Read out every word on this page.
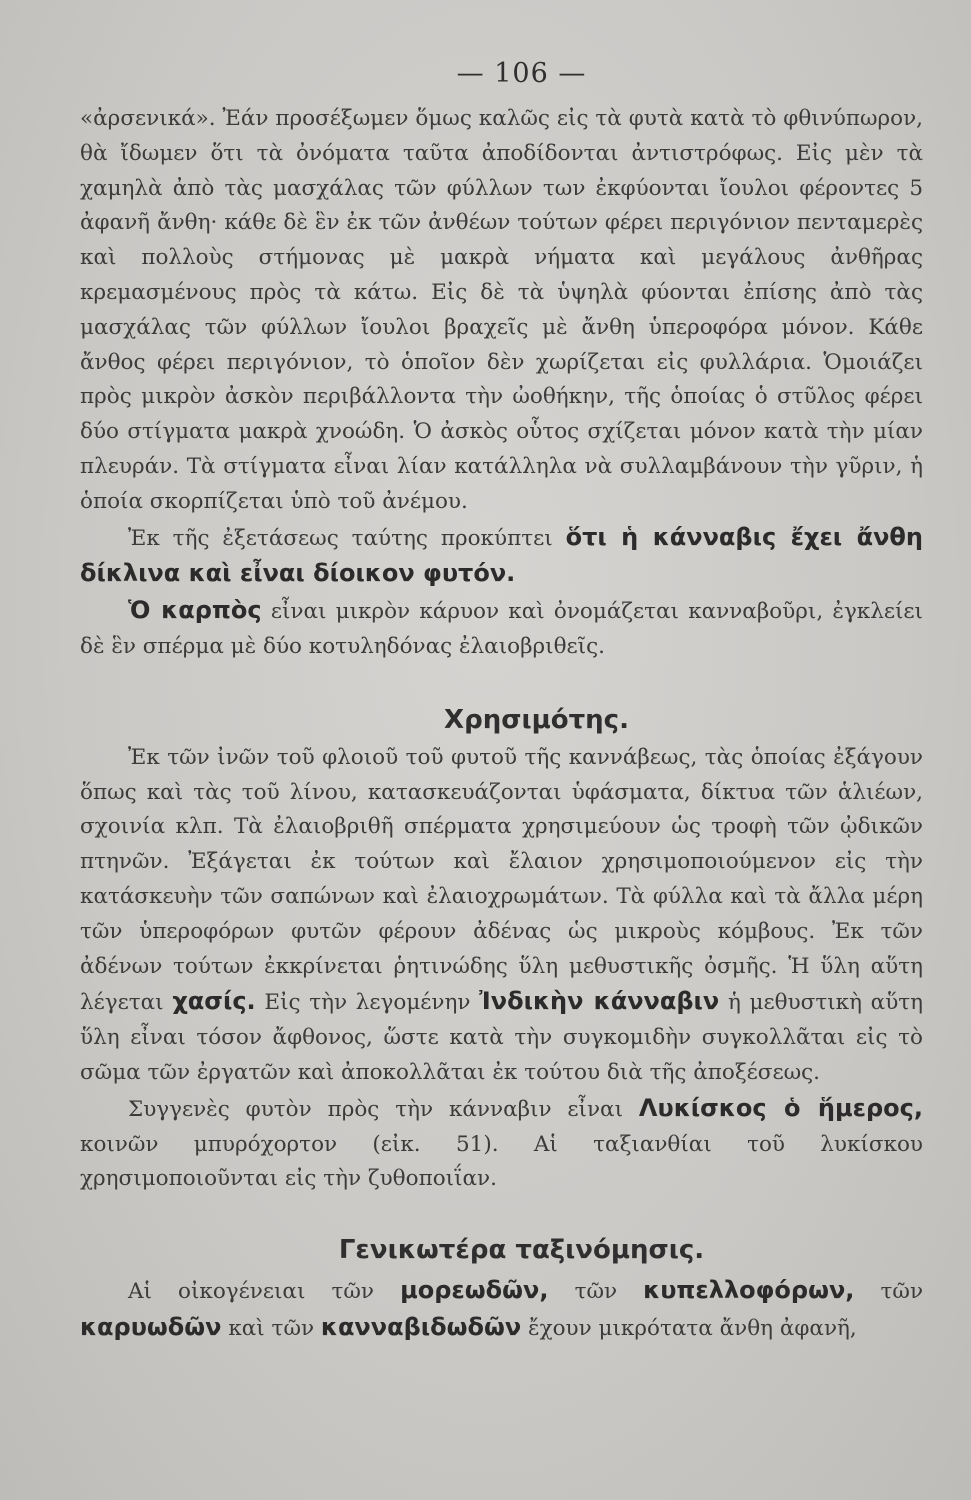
— 106 —

«ἀρσενικά». Ἐάν προσέξωμεν ὅμως καλῶς εἰς τὰ φυτὰ κατὰ τὸ φθινύπωρον, θὰ ἴδωμεν ὅτι τὰ ὀνόματα ταῦτα ἀποδίδονται ἀντιστρόφως. Εἰς μὲν τὰ χαμηλὰ ἀπὸ τὰς μασχάλας τῶν φύλλων των ἐκφύονται ἴουλοι φέροντες 5 ἀφανῆ ἄνθη· κάθε δὲ ἓν ἐκ τῶν ἀνθέων τούτων φέρει περιγόνιον πενταμερὲς καὶ πολλοὺς στήμονας μὲ μακρὰ νήματα καὶ μεγάλους ἀνθῆρας κρεμασμένους πρὸς τὰ κάτω. Εἰς δὲ τὰ ὑψηλὰ φύονται ἐπίσης ἀπὸ τὰς μασχάλας τῶν φύλλων ἴουλοι βραχεῖς μὲ ἄνθη ὑπεροφόρα μόνον. Κάθε ἄνθος φέρει περιγόνιον, τὸ ὁποῖον δὲν χωρίζεται εἰς φυλλάρια. Ὁμοιάζει πρὸς μικρὸν ἀσκὸν περιβάλλοντα τὴν ὠοθήκην, τῆς ὁποίας ὁ στῦλος φέρει δύο στίγματα μακρὰ χνοώδη. Ὁ ἀσκὸς οὗτος σχίζεται μόνον κατὰ τὴν μίαν πλευράν. Τὰ στίγματα εἶναι λίαν κατάλληλα νὰ συλλαμβάνουν τὴν γῦριν, ἡ ὁποία σκορπίζεται ὑπὸ τοῦ ἀνέμου.

Ἐκ τῆς ἐξετάσεως ταύτης προκύπτει ὅτι ἡ κάνναβις ἔχει ἄνθη δίκλινα καὶ εἶναι δίοικον φυτόν.

Ὁ καρπὸς εἶναι μικρὸν κάρυον καὶ ὀνομάζεται κανναβοῦρι, ἐγκλείει δὲ ἓν σπέρμα μὲ δύο κοτυληδόνας ἐλαιοβριθεῖς.

Χρησιμότης.

Ἐκ τῶν ἰνῶν τοῦ φλοιοῦ τοῦ φυτοῦ τῆς καννάβεως, τὰς ὁποίας ἐξάγουν ὅπως καὶ τὰς τοῦ λίνου, κατασκευάζονται ὑφάσματα, δίκτυα τῶν ἁλιέων, σχοινία κλπ. Τὰ ἐλαιοβριθῆ σπέρματα χρησιμεύουν ὡς τροφὴ τῶν ᾠδικῶν πτηνῶν. Ἐξάγεται ἐκ τούτων καὶ ἔλαιον χρησιμοποιούμενον εἰς τὴν κατάσκευὴν τῶν σαπώνων καὶ ἐλαιοχρωμάτων. Τὰ φύλλα καὶ τὰ ἄλλα μέρη τῶν ὑπεροφόρων φυτῶν φέρουν ἀδένας ὡς μικροὺς κόμβους. Ἐκ τῶν ἀδένων τούτων ἐκκρίνεται ῥητινώδης ὕλη μεθυστικῆς ὀσμῆς. Ἡ ὕλη αὕτη λέγεται χασίς. Εἰς τὴν λεγομένην Ἰνδικὴν κάνναβιν ἡ μεθυστικὴ αὕτη ὕλη εἶναι τόσον ἄφθονος, ὥστε κατὰ τὴν συγκομιδὴν συγκολλᾶται εἰς τὸ σῶμα τῶν ἐργατῶν καὶ ἀποκολλᾶται ἐκ τούτου διὰ τῆς ἀποξέσεως.

Συγγενὲς φυτὸν πρὸς τὴν κάνναβιν εἶναι Λυκίσκος ὁ ἥμερος, κοινῶν μπυρόχορτον (εἰκ. 51). Αἱ ταξιανθίαι τοῦ λυκίσκου χρησιμοποιοῦνται εἰς τὴν ζυθοποιΐαν.

Γενικωτέρα ταξινόμησις.

Αἱ οἰκογένειαι τῶν μορεωδῶν, τῶν κυπελλοφόρων, τῶν καρυωδῶν καὶ τῶν κανναβιδωδῶν ἔχουν μικρότατα ἄνθη ἀφανῆ,
